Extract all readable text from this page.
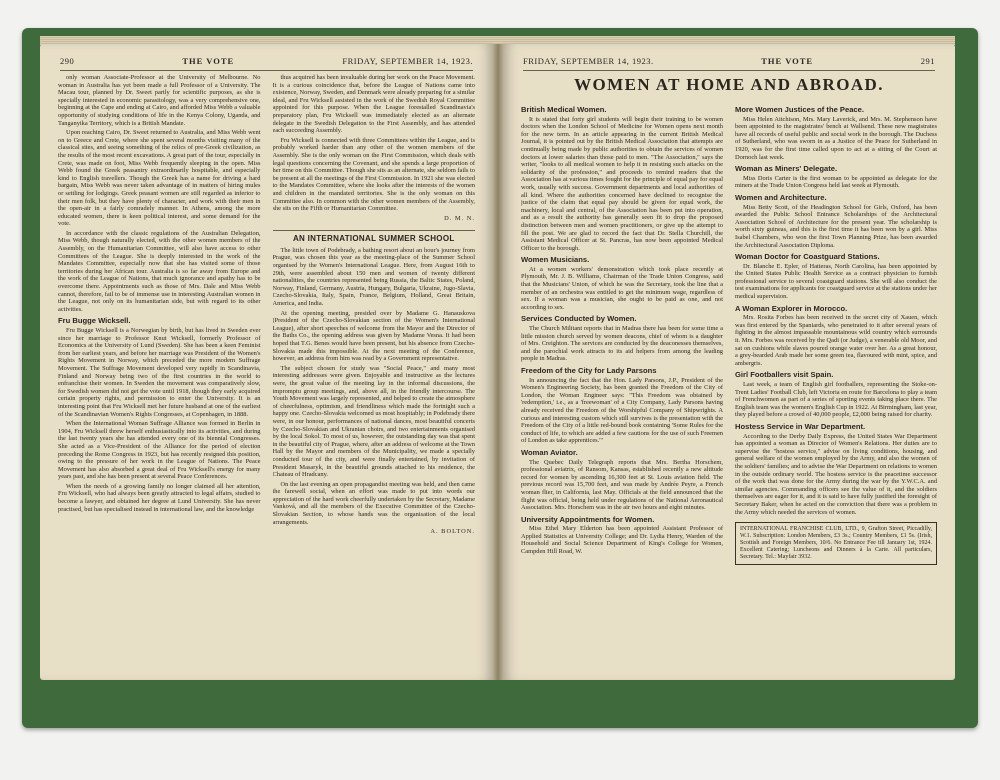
290	THE VOTE	FRIDAY, SEPTEMBER 14, 1923.

only woman Associate-Professor at the University of Melbourne. No woman in Australia has yet been made a full Professor of a University. The Macau tour, planned by Dr. Sweet partly for scientific purposes, as she is specially interested in economic parasitology, was a very comprehensive one, beginning at the Cape and ending at Cairo, and afforded Miss Webb a valuable opportunity of studying conditions of life in the Kenya Colony, Uganda, and Tanganyika Territory, which is a British Mandate.

Upon reaching Cairo, Dr. Sweet returned to Australia, and Miss Webb went on to Greece and Crete, where she spent several months visiting many of the classical sites, and seeing something of the relics of pre-Greek civilization, as the results of the most recent excavations. A great part of the tour, especially in Crete, was made on foot, Miss Webb frequently sleeping in the open. Miss Webb found the Greek peasantry extraordinarily hospitable, and especially kind to English travellers. Though the Greek has a name for driving a hard bargain, Miss Webb was never taken advantage of in matters of hiring mules or settling for lodgings. Greek peasant women are still regarded as inferior to their men folk, but they have plenty of character, and work with their men in the open-air in a fairly comradely manner. In Athens, among the more educated women, there is keen political interest, and some demand for the vote.

In accordance with the classic regulations of the Australian Delegation, Miss Webb, though naturally elected, with the other women members of the Assembly, on the Humanitarian Committee, will also have access to other Committees of the League. She is deeply interested in the work of the Mandates Committee, especially now that she has visited some of those territories during her African tour. Australia is so far away from Europe and the work of the League of Nations, that much ignorance and apathy has to be overcome there. Appointments such as those of Mrs. Dale and Miss Webb cannot, therefore, fail to be of immense use in interesting Australian women in the League, not only on its humanitarian side, but with regard to its other activities.

Fru Bugge Wicksell.

Fru Bugge Wicksell is a Norwegian by birth, but has lived in Sweden ever since her marriage to Professor Knut Wicksell, formerly Professor of Economics at the University of Lund (Sweden). She has been a keen Feminist from her earliest years, and before her marriage was President of the Women's Rights Movement in Norway, which preceded the more modern Suffrage Movement. The Suffrage Movement developed very rapidly in Scandinavia, Finland and Norway being two of the first countries in the world to enfranchise their women. In Sweden the movement was comparatively slow, for Swedish women did not get the vote until 1918, though they early acquired certain property rights, and permission to enter the University. It is an interesting point that Fru Wicksell met her future husband at one of the earliest of the Scandinavian Women's Rights Congresses, at Copenhagen, in 1888.

When the International Woman Suffrage Alliance was formed in Berlin in 1904, Fru Wicksell threw herself enthusiastically into its activities, and during the last twenty years she has attended every one of its biennial Congresses. She acted as a Vice-President of the Alliance for the period of election preceding the Rome Congress in 1923, but has recently resigned this position, owing to the pressure of her work in the League of Nations. The Peace Movement has also absorbed a great deal of Fru Wicksell's energy for many years past, and she has been present at several Peace Conferences.

When the needs of a growing family no longer claimed all her attention, Fru Wicksell, who had always been greatly attracted to legal affairs, studied to become a lawyer, and obtained her degree at Lund University. She has never practised, but has specialised instead in international law, and the knowledge

thus acquired has been invaluable during her work on the Peace Movement. It is a curious coincidence that, before the League of Nations came into existence, Norway, Sweden, and Denmark were already preparing for a similar ideal, and Fru Wicksell assisted in the work of the Swedish Royal Committee appointed for this purpose. When the League forestalled Scandinavia's preparatory plan, Fru Wicksell was immediately elected as an alternate delegate in the Swedish Delegation to the First Assembly, and has attended each succeeding Assembly.

Fru Wicksell is connected with three Committees within the League, and is probably worked harder than any other of the women members of the Assembly. She is the only woman on the First Commission, which deals with legal questions concerning the Covenant, and she spends a large proportion of her time on this Committee. Though she sits as an alternate, she seldom fails to be present at all the meetings of the First Commission. In 1921 she was elected to the Mandates Committee, where she looks after the interests of the women and children in the mandated territories. She is the only woman on this Committee also. In common with the other women members of the Assembly, she sits on the Fifth or Humanitarian Committee.

D. M. N.
AN INTERNATIONAL SUMMER SCHOOL

The little town of Podebrady, a bathing resort about an hour's journey from Prague, was chosen this year as the meeting-place of the Summer School organised by the Women's International League. Here, from August 16th to 29th, were assembled about 150 men and women of twenty different nationalities, the countries represented being Russia, the Baltic States, Poland, Norway, Finland, Germany, Austria, Hungary, Bulgaria, Ukraine, Jugo-Slavia, Czecho-Slovakia, Italy, Spain, France, Belgium, Holland, Great Britain, America, and India.

At the opening meeting, presided over by Madame G. Hanauskova (President of the Czecho-Slovakian section of the Women's International League), after short speeches of welcome from the Mayor and the Director of the Baths Co., the opening address was given by Madame Vesna. It had been hoped that T.G. Benes would have been present, but his absence from Czecho-Slovakia made this impossible. At the next meeting of the Conference, however, an address from him was read by a Government representative.

The subject chosen for study was "Social Peace," and many most interesting addresses were given. Enjoyable and instructive as the lectures were, the great value of the meeting lay in the informal discussions, the impromptu group meetings, and, above all, in the friendly intercourse. The Youth Movement was largely represented, and helped to create the atmosphere of cheerfulness, optimism, and friendliness which made the fortnight such a happy one. Czecho-Slovakia welcomed us most hospitably; in Podebrady there were, in our honour, performances of national dances, most beautiful concerts by Czecho-Slovakian and Ukranian choirs, and two entertainments organised by the local Sokol. To most of us, however, the outstanding day was that spent in the beautiful city of Prague, where, after an address of welcome at the Town Hall by the Mayor and members of the Municipality, we made a specially conducted tour of the city, and were finally entertained, by invitation of President Masaryk, in the beautiful grounds attached to his residence, the Chateau of Hradcany.

On the last evening an open propagandist meeting was held, and then came the farewell social, when an effort was made to put into words our appreciation of the hard work cheerfully undertaken by the Secretary, Madame Vanková, and all the members of the Executive Committee of the Czecho-Slovakian Section, to whose hands was the organisation of the local arrangements.

A. BOLTON.
FRIDAY, SEPTEMBER 14, 1923.	THE VOTE	291
WOMEN AT HOME AND ABROAD.
British Medical Women.

It is stated that forty girl students will begin their training to be women doctors when the London School of Medicine for Women opens next month for the new term. In an article appearing in the current British Medical Journal, it is pointed out by the British Medical Association that attempts are continually being made by public authorities to obtain the services of women doctors at lower salaries than those paid to men. "The Association," says the writer, "looks to all medical women to help it in resisting such attacks on the solidarity of the profession," and proceeds to remind readers that the Association has at various times fought for the principle of equal pay for equal work, usually with success. Government departments and local authorities of all kind. Where the authorities concerned have declined to recognise the justice of the claim that equal pay should be given for equal work, the machinery, local and central, of the Association has been put into operation, and as a result the authority has generally seen fit to drop the proposed distinction between men and women practitioners, or give up the attempt to fill the post. We are glad to record the fact that Dr. Stella Churchill, the Assistant Medical Officer at St. Pancras, has now been appointed Medical Officer to the borough.

Women Musicians.

At a women workers' demonstration which took place recently at Plymouth, Mr. J. B. Williams, Chairman of the Trade Union Congress, said that the Musicians' Union, of which he was the Secretary, took the line that a member of an orchestra was entitled to get the minimum wage, regardless of sex. If a woman was a musician, she ought to be paid as one, and not according to sex.

Services Conducted by Women.

The Church Militant reports that in Madras there has been for some time a little mission church served by women deacons, chief of whom is a daughter of Mrs. Creighton. The services are conducted by the deaconesses themselves, and the parochial work attracts to its aid helpers from among the leading people in Madras.

Freedom of the City for Lady Parsons

In announcing the fact that the Hon. Lady Parsons, J.P., President of the Women's Engineering Society, has been granted the Freedom of the City of London, the Woman Engineer says: "This Freedom was obtained by 'redemption,' i.e., as a 'freewoman' of a City Company, Lady Parsons having already received the Freedom of the Worshipful Company of Shipwrights. A curious and interesting custom which still survives is the presentation with the Freedom of the City of a little red-bound book containing 'Some Rules for the conduct of life, to which are added a few cautions for the use of such Freemen of London as take apprentices.'"

Woman Aviator.

The Quebec Daily Telegraph reports that Mrs. Bertha Horschem, professional aviatrix, of Ransom, Kansas, established recently a new altitude record for women by ascending 16,300 feet at St. Louis aviation field. The previous record was 15,700 feet, and was made by Andrée Peyre, a French woman flier, in California, last May. Officials at the field announced that the flight was official, being held under regulations of the National Aeronautical Association. Mrs. Horschem was in the air two hours and eight minutes.

University Appointments for Women.

Miss Ethel Mary Elderton has been appointed Assistant Professor of Applied Statistics at University College; and Dr. Lydia Henry, Warden of the Household and Social Science Department of King's College for Women, Campden Hill Road, W.

More Women Justices of the Peace.

Miss Helen Aitchison, Mrs. Mary Laverick, and Mrs. M. Stephenson have been appointed to the magistrates' bench at Wallsend. These new magistrates have all records of useful public and social work in the borough. The Duchess of Sutherland, who was sworn in as a Justice of the Peace for Sutherland in 1920, was for the first time called upon to act at a sitting of the Court at Dornoch last week.

Woman as Miners' Delegate.

Miss Doris Carter is the first woman to be appointed as delegate for the miners at the Trade Union Congress held last week at Plymouth.

Women and Architecture.

Miss Betty Scott, of the Headington School for Girls, Oxford, has been awarded the Public School Entrance Scholarships of the Architectural Association School of Architecture for the present year. The scholarship is worth sixty guineas, and this is the first time it has been won by a girl. Miss Isabel Chambers, who won the first Town Planning Prize, has been awarded the Architectural Association Diploma.

Woman Doctor for Coastguard Stations.

Dr. Blanche E. Epler, of Hatteras, North Carolina, has been appointed by the United States Public Health Service as a contract physician to furnish professional service to several coastguard stations. She will also conduct the test examinations for applicants for coastguard service at the stations under her medical supervision.

A Woman Explorer in Morocco.

Mrs. Rosita Forbes has been received in the secret city of Xauen, which was first entered by the Spaniards, who penetrated to it after several years of fighting in the almost impassable mountainous wild country which surrounds it. Mrs. Forbes was received by the Qadi (or Judge), a venerable old Moor, and sat on cushions while slaves poured orange water over her. As a great honour, a grey-bearded Arab made her some green tea, flavoured with mint, spice, and ambergris.

Girl Footballers visit Spain.

Last week, a team of English girl footballers, representing the Stoke-on-Trent Ladies' Football Club, left Victoria en route for Barcelona to play a team of Frenchwomen as part of a series of sporting events taking place there. The English team was the women's English Cup in 1922. At Birmingham, last year, they played before a crowd of 40,000 people, £2,000 being raised for charity.

Hostess Service in War Department.

According to the Derby Daily Express, the United States War Department has appointed a woman as Director of Women's Relations. Her duties are to supervise the "hostess service," advise on living conditions, housing, and general welfare of the women employed by the Army, and also the women of the soldiers' families; and to advise the War Department on relations to women in the outside ordinary world. The hostess service is the peacetime successor of the work that was done for the Army during the war by the Y.W.C.A. and similar agencies. Commanding officers see the value of it, and the soldiers themselves are eager for it, and it is said to have fully justified the foresight of Secretary Baker, when he acted on the conviction that there was a problem in the Army which needed the services of women.

INTERNATIONAL FRANCHISE CLUB, LTD., 9, Grafton Street, Piccadilly, W.1. Subscription: London Members, £3 3s.; Country Members, £1 5s. (Irish, Scottish and Foreign Members, 10/6. No Entrance Fee till January 1st, 1924. Excellent Catering; Luncheons and Dinners à la Carte. All particulars, Secretary. Tel.: Mayfair 3932.
